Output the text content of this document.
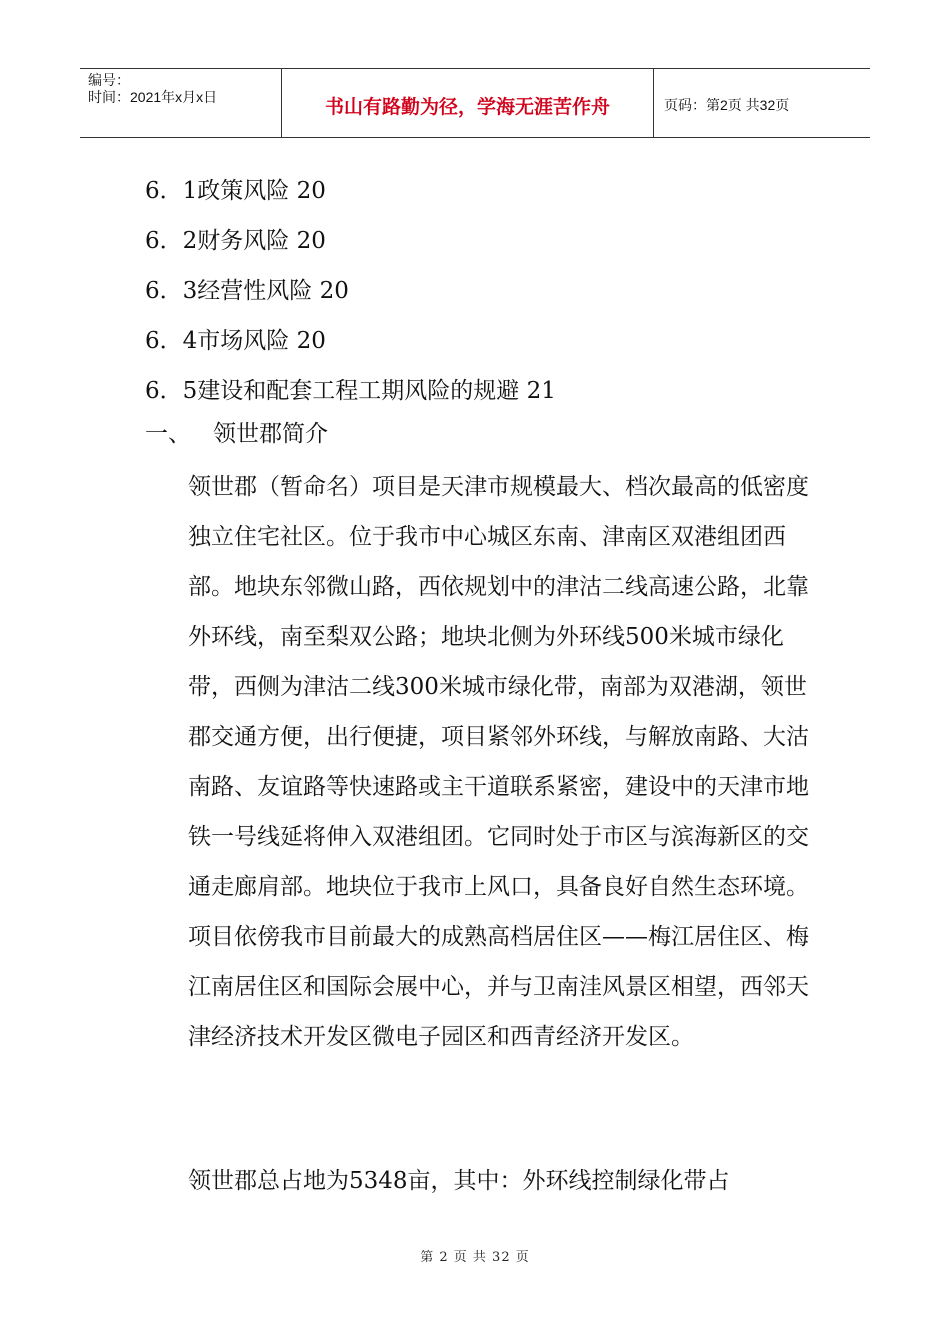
编号：
时间：2021年x月x日	书山有路勤为径，学海无涯苦作舟	页码：第2页 共32页
6．1政策风险 20
6．2财务风险 20
6．3经营性风险 20
6．4市场风险 20
6．5建设和配套工程工期风险的规避 21
一、 领世郡简介

领世郡（暂命名）项目是天津市规模最大、档次最高的低密度独立住宅社区。位于我市中心城区东南、津南区双港组团西部。地块东邻微山路，西依规划中的津沽二线高速公路，北靠外环线，南至梨双公路；地块北侧为外环线500米城市绿化带，西侧为津沽二线300米城市绿化带，南部为双港湖，领世郡交通方便，出行便捷，项目紧邻外环线，与解放南路、大沽南路、友谊路等快速路或主干道联系紧密，建设中的天津市地铁一号线延将伸入双港组团。它同时处于市区与滨海新区的交通走廊肩部。地块位于我市上风口，具备良好自然生态环境。项目依傍我市目前最大的成熟高档居住区——梅江居住区、梅江南居住区和国际会展中心，并与卫南洼风景区相望，西邻天津经济技术开发区微电子园区和西青经济开发区。

领世郡总占地为5348亩，其中：外环线控制绿化带占

第 2 页 共 32 页
